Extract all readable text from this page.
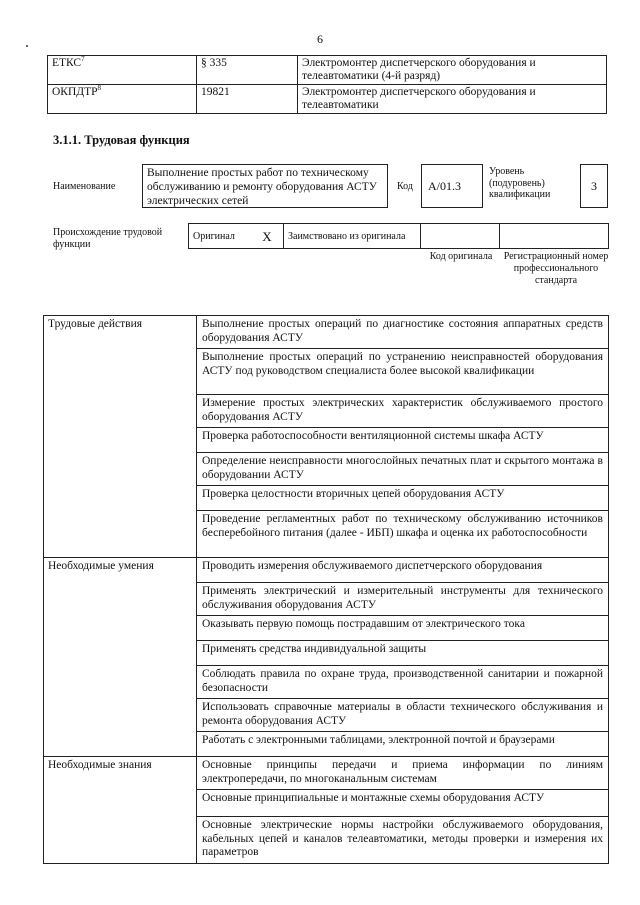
6
ЕТКС$^7$	§ 335	Электромонтер диспетчерского оборудования и телеавтоматики (4-й разряд)
ОКПДТР$^8$	19821	Электромонтер диспетчерского оборудования и телеавтоматики
3.1.1. Трудовая функция
Наименование
Выполнение простых работ по техническому обслуживанию и ремонту оборудования АСТУ электрических сетей
Код	А/01.3
Уровень (подуровень) квалификации
3
Происхождение трудовой функции
Оригинал	X	Заимствовано из оригинала		
Код оригинала	Регистрационный номер профессионального стандарта
Трудовые действия	Выполнение простых операций по диагностике состояния аппаратных средств оборудования АСТУ
	Выполнение простых операций по устранению неисправностей оборудования АСТУ под руководством специалиста более высокой квалификации
	Измерение простых электрических характеристик обслуживаемого простого оборудования АСТУ
	Проверка работоспособности вентиляционной системы шкафа АСТУ
	Определение неисправности многослойных печатных плат и скрытого монтажа в оборудовании АСТУ
	Проверка целостности вторичных цепей оборудования АСТУ
	Проведение регламентных работ по техническому обслуживанию источников бесперебойного питания (далее - ИБП) шкафа и оценка их работоспособности
Необходимые умения	Проводить измерения обслуживаемого диспетчерского оборудования
	Применять электрический и измерительный инструменты для технического обслуживания оборудования АСТУ
	Оказывать первую помощь пострадавшим от электрического тока
	Применять средства индивидуальной защиты
	Соблюдать правила по охране труда, производственной санитарии и пожарной безопасности
	Использовать справочные материалы в области технического обслуживания и ремонта оборудования АСТУ
	Работать с электронными таблицами, электронной почтой и браузерами
Необходимые знания	Основные принципы передачи и приема информации по линиям электропередачи, по многоканальным системам
	Основные принципиальные и монтажные схемы оборудования АСТУ
	Основные электрические нормы настройки обслуживаемого оборудования, кабельных цепей и каналов телеавтоматики, методы проверки и измерения их параметров
